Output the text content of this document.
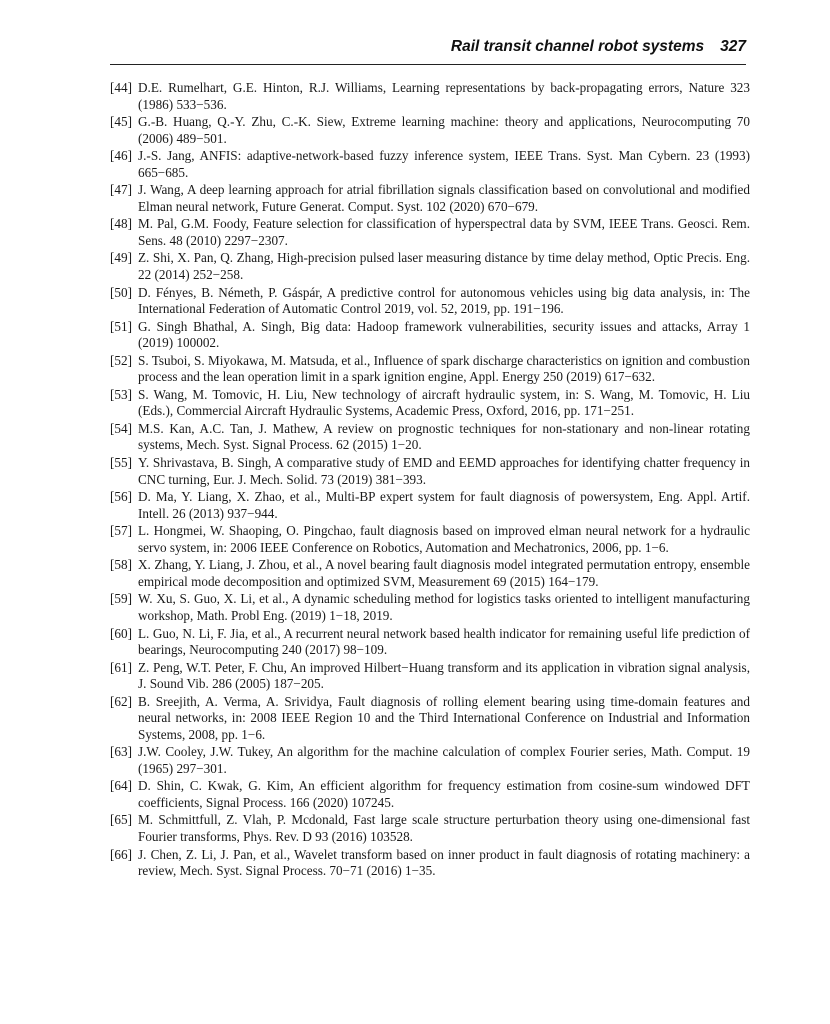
Rail transit channel robot systems 327
[44] D.E. Rumelhart, G.E. Hinton, R.J. Williams, Learning representations by back-propagating errors, Nature 323 (1986) 533−536.
[45] G.-B. Huang, Q.-Y. Zhu, C.-K. Siew, Extreme learning machine: theory and applications, Neurocomputing 70 (2006) 489−501.
[46] J.-S. Jang, ANFIS: adaptive-network-based fuzzy inference system, IEEE Trans. Syst. Man Cybern. 23 (1993) 665−685.
[47] J. Wang, A deep learning approach for atrial fibrillation signals classification based on convolutional and modified Elman neural network, Future Generat. Comput. Syst. 102 (2020) 670−679.
[48] M. Pal, G.M. Foody, Feature selection for classification of hyperspectral data by SVM, IEEE Trans. Geosci. Rem. Sens. 48 (2010) 2297−2307.
[49] Z. Shi, X. Pan, Q. Zhang, High-precision pulsed laser measuring distance by time delay method, Optic Precis. Eng. 22 (2014) 252−258.
[50] D. Fényes, B. Németh, P. Gáspár, A predictive control for autonomous vehicles using big data analysis, in: The International Federation of Automatic Control 2019, vol. 52, 2019, pp. 191−196.
[51] G. Singh Bhathal, A. Singh, Big data: Hadoop framework vulnerabilities, security issues and attacks, Array 1 (2019) 100002.
[52] S. Tsuboi, S. Miyokawa, M. Matsuda, et al., Influence of spark discharge characteristics on ignition and combustion process and the lean operation limit in a spark ignition engine, Appl. Energy 250 (2019) 617−632.
[53] S. Wang, M. Tomovic, H. Liu, New technology of aircraft hydraulic system, in: S. Wang, M. Tomovic, H. Liu (Eds.), Commercial Aircraft Hydraulic Systems, Academic Press, Oxford, 2016, pp. 171−251.
[54] M.S. Kan, A.C. Tan, J. Mathew, A review on prognostic techniques for non-stationary and non-linear rotating systems, Mech. Syst. Signal Process. 62 (2015) 1−20.
[55] Y. Shrivastava, B. Singh, A comparative study of EMD and EEMD approaches for identifying chatter frequency in CNC turning, Eur. J. Mech. Solid. 73 (2019) 381−393.
[56] D. Ma, Y. Liang, X. Zhao, et al., Multi-BP expert system for fault diagnosis of powersystem, Eng. Appl. Artif. Intell. 26 (2013) 937−944.
[57] L. Hongmei, W. Shaoping, O. Pingchao, fault diagnosis based on improved elman neural network for a hydraulic servo system, in: 2006 IEEE Conference on Robotics, Automation and Mechatronics, 2006, pp. 1−6.
[58] X. Zhang, Y. Liang, J. Zhou, et al., A novel bearing fault diagnosis model integrated permutation entropy, ensemble empirical mode decomposition and optimized SVM, Measurement 69 (2015) 164−179.
[59] W. Xu, S. Guo, X. Li, et al., A dynamic scheduling method for logistics tasks oriented to intelligent manufacturing workshop, Math. Probl Eng. (2019) 1−18, 2019.
[60] L. Guo, N. Li, F. Jia, et al., A recurrent neural network based health indicator for remaining useful life prediction of bearings, Neurocomputing 240 (2017) 98−109.
[61] Z. Peng, W.T. Peter, F. Chu, An improved Hilbert−Huang transform and its application in vibration signal analysis, J. Sound Vib. 286 (2005) 187−205.
[62] B. Sreejith, A. Verma, A. Srividya, Fault diagnosis of rolling element bearing using time-domain features and neural networks, in: 2008 IEEE Region 10 and the Third International Conference on Industrial and Information Systems, 2008, pp. 1−6.
[63] J.W. Cooley, J.W. Tukey, An algorithm for the machine calculation of complex Fourier series, Math. Comput. 19 (1965) 297−301.
[64] D. Shin, C. Kwak, G. Kim, An efficient algorithm for frequency estimation from cosine-sum windowed DFT coefficients, Signal Process. 166 (2020) 107245.
[65] M. Schmittfull, Z. Vlah, P. Mcdonald, Fast large scale structure perturbation theory using one-dimensional fast Fourier transforms, Phys. Rev. D 93 (2016) 103528.
[66] J. Chen, Z. Li, J. Pan, et al., Wavelet transform based on inner product in fault diagnosis of rotating machinery: a review, Mech. Syst. Signal Process. 70−71 (2016) 1−35.
